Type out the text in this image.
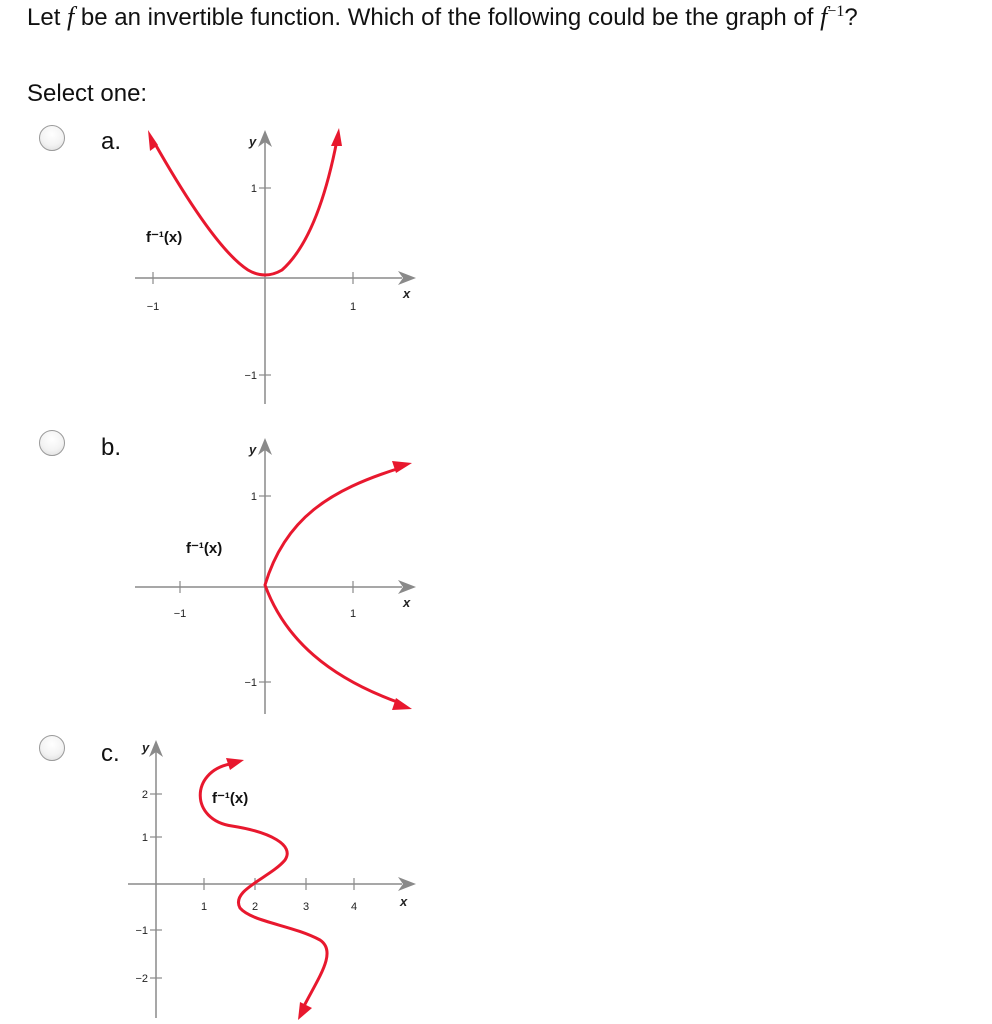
Let f be an invertible function. Which of the following could be the graph of $f^{-1}$?
Select one:
a.
−1	1
1
−1
y
x
f⁻¹(x)
b.
−1	1
1
−1
y
x
f⁻¹(x)
c.
1	2	3	4
2
1
−1
−2
y
x
f⁻¹(x)
